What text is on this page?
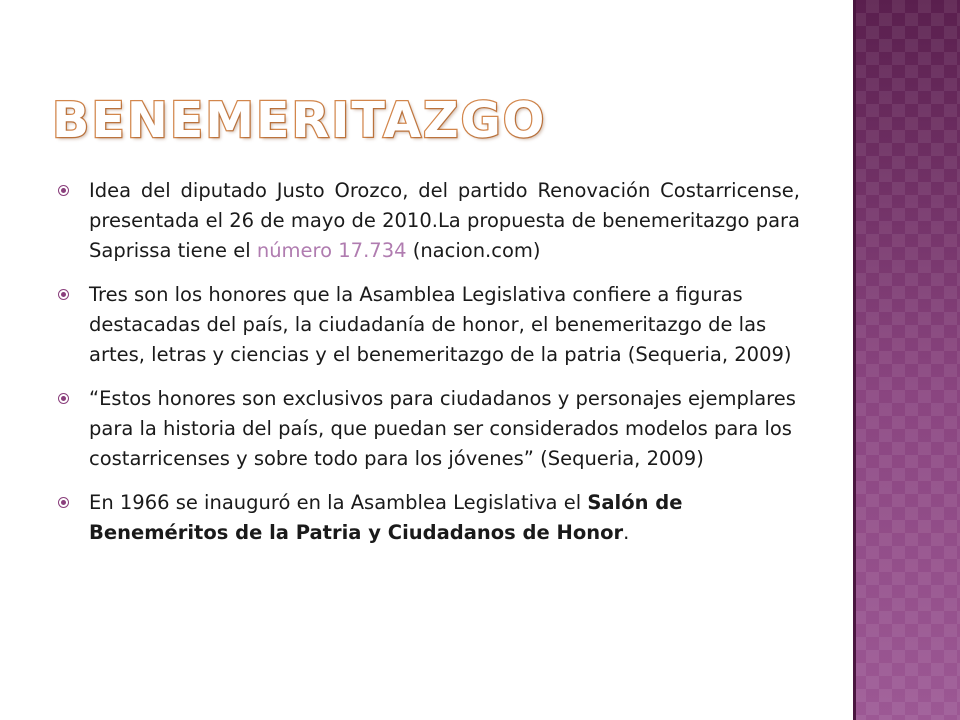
BENEMERITAZGO
Idea del diputado Justo Orozco, del partido Renovación Costarricense, presentada el 26 de mayo de 2010.La propuesta de benemeritazgo para Saprissa tiene el número 17.734 (nacion.com)
Tres son los honores que la Asamblea Legislativa confiere a figuras destacadas del país, la ciudadanía de honor, el benemeritazgo de las artes, letras y ciencias y el benemeritazgo de la patria (Sequeria, 2009)
“Estos honores son exclusivos para ciudadanos y personajes ejemplares para la historia del país, que puedan ser considerados modelos para los costarricenses y sobre todo para los jóvenes” (Sequeria, 2009)
En 1966 se inauguró en la Asamblea Legislativa el Salón de Beneméritos de la Patria y Ciudadanos de Honor.
